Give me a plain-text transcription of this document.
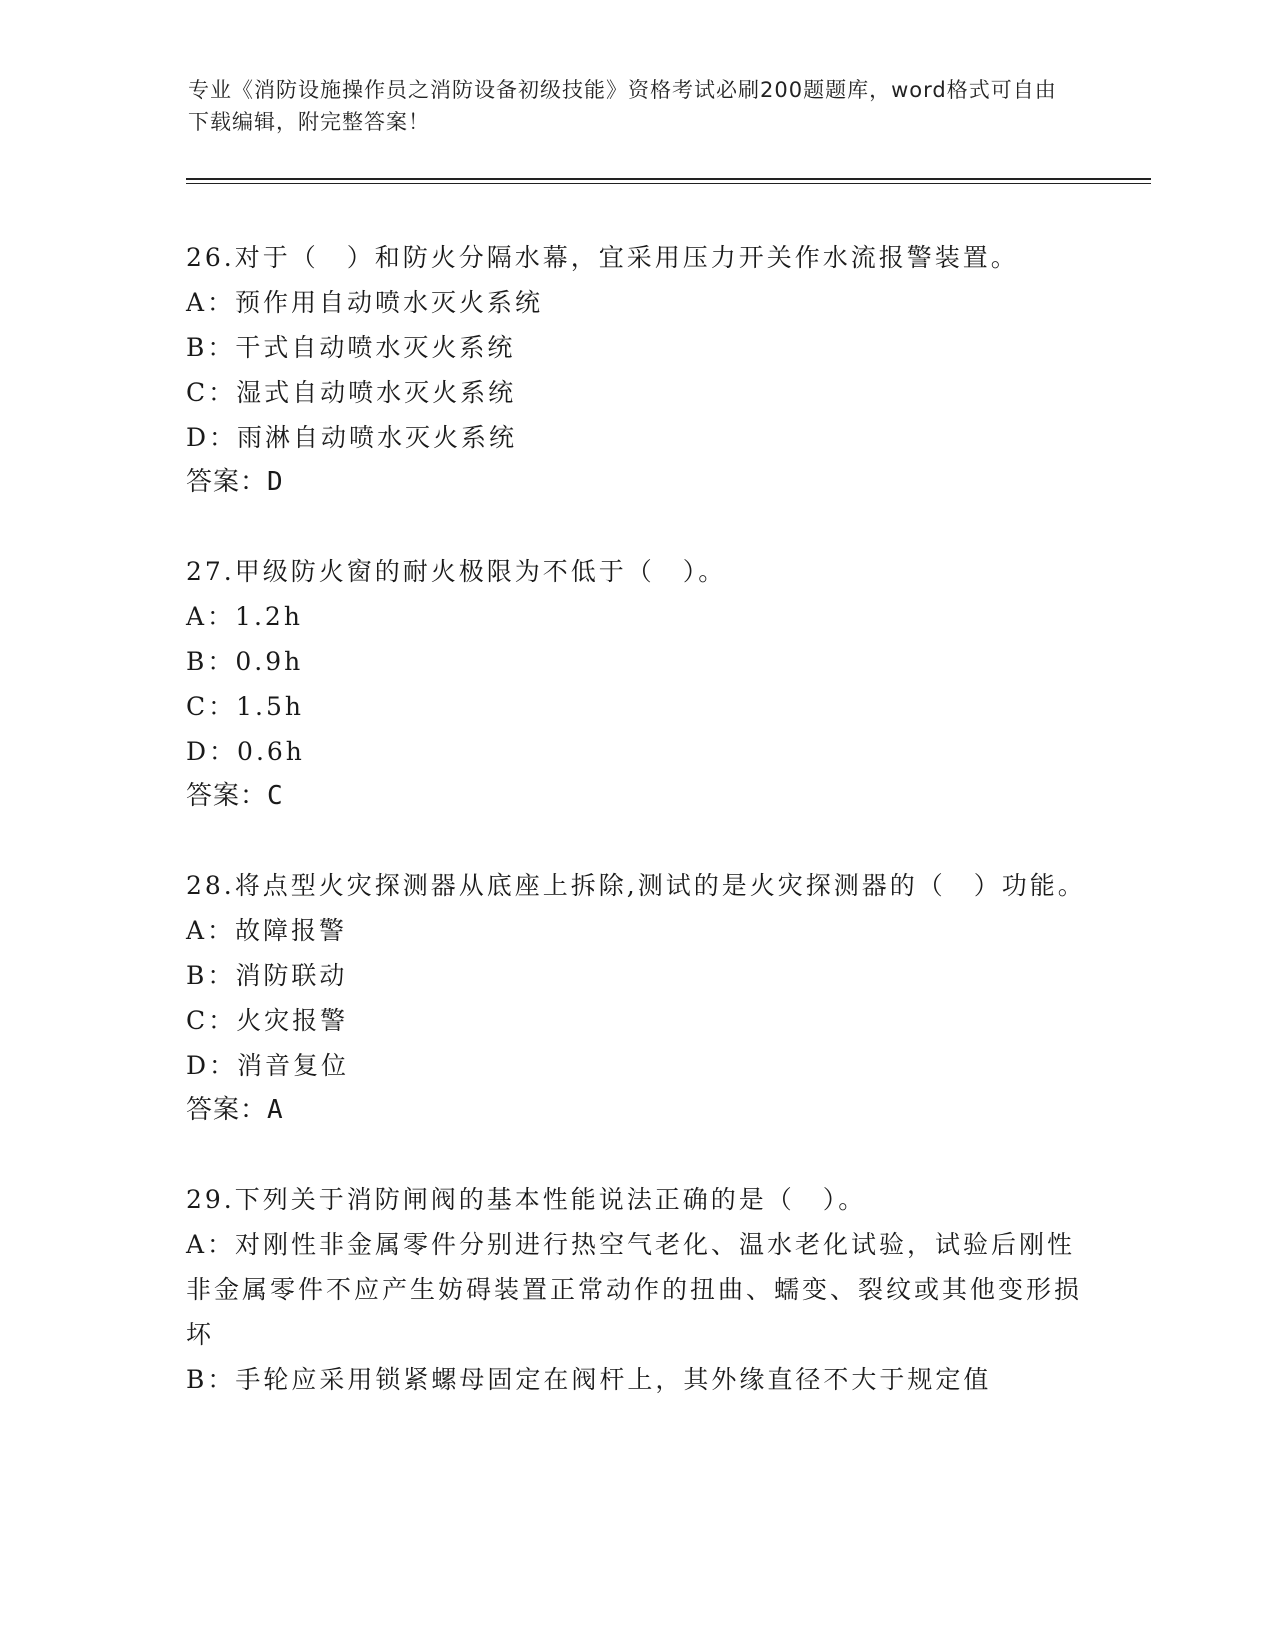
专业《消防设施操作员之消防设备初级技能》资格考试必刷200题题库，word格式可自由下载编辑，附完整答案！
26.对于（　）和防火分隔水幕，宜采用压力开关作水流报警装置。
A：预作用自动喷水灭火系统
B：干式自动喷水灭火系统
C：湿式自动喷水灭火系统
D：雨淋自动喷水灭火系统
答案：D
27.甲级防火窗的耐火极限为不低于（　）。
A：1.2h
B：0.9h
C：1.5h
D：0.6h
答案：C
28.将点型火灾探测器从底座上拆除,测试的是火灾探测器的（　）功能。
A：故障报警
B：消防联动
C：火灾报警
D：消音复位
答案：A
29.下列关于消防闸阀的基本性能说法正确的是（　）。
A：对刚性非金属零件分别进行热空气老化、温水老化试验，试验后刚性非金属零件不应产生妨碍装置正常动作的扭曲、蠕变、裂纹或其他变形损坏
B：手轮应采用锁紧螺母固定在阀杆上，其外缘直径不大于规定值
